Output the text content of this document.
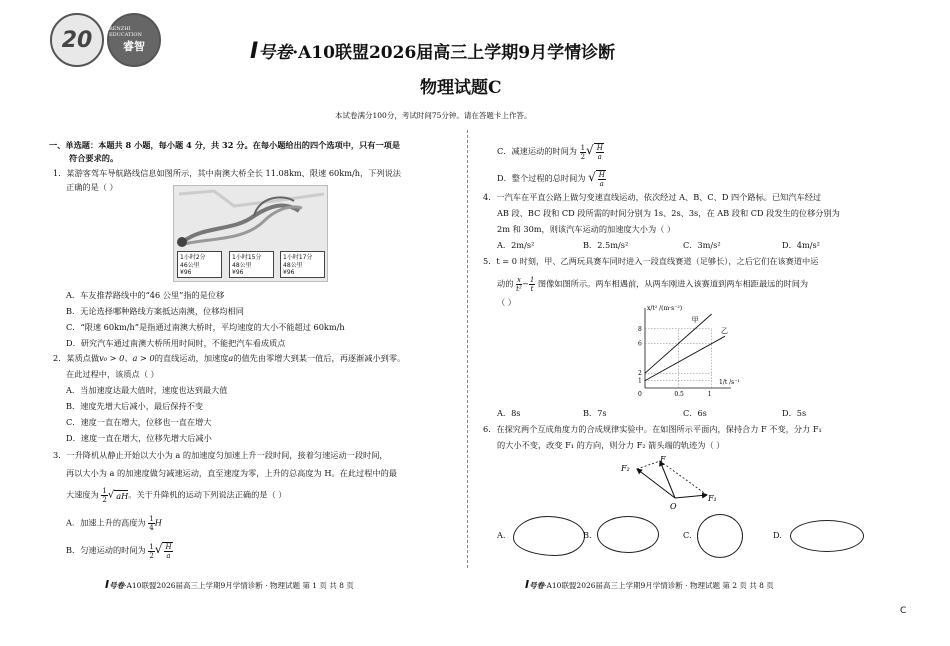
20	RENZHI EDUCATION
睿智	I号卷·A10联盟2026届高三上学期9月学情诊断
物理试题C
本试卷满分100分，考试时间75分钟。请在答题卡上作答。
一、单选题：本题共 8 小题，每小题 4 分，共 32 分。在每小题给出的四个选项中，只有一项是
符合要求的。
1．某游客驾车导航路线信息如图所示，其中南澳大桥全长 11.08km、限速 60km/h，下列说法
正确的是（ ）
1小时2分
46公里
¥96
1小时15分
48公里
¥96
1小时17分
48公里
¥96
A．车友推荐路线中的“46 公里”指的是位移
B．无论选择哪种路线方案抵达南澳，位移均相同
C．“限速 60km/h”是指通过南澳大桥时，平均速度的大小不能超过 60km/h
D．研究汽车通过南澳大桥所用时间时，不能把汽车看成质点
2．某质点做v₀ > 0、a > 0的直线运动，加速度a的值先由零增大到某一值后，再逐渐减小到零。
在此过程中，该质点（ ）
A．当加速度达最大值时，速度也达到最大值
B．速度先增大后减小，最后保持不变
C．速度一直在增大，位移也一直在增大
D．速度一直在增大，位移先增大后减小
3．一升降机从静止开始以大小为 a 的加速度匀加速上升一段时间，接着匀速运动一段时间，
再以大小为 a 的加速度做匀减速运动，直至速度为零，上升的总高度为 H。在此过程中的最
大速度为 $\frac{1}{2}$ √ aH。关于升降机的运动下列说法正确的是（ ）
A．加速上升的高度为 $\frac{1}{4}$ H
B．匀速运动的时间为 $\frac{1}{2}$ √ $\frac{H}{a}$
I号卷·A10联盟2026届高三上学期9月学情诊断 · 物理试题 第 1 页 共 8 页
C．减速运动的时间为 $\frac{1}{2}$ √ $\frac{H}{a}$
D．整个过程的总时间为 √ $\frac{H}{a}$
4．一汽车在平直公路上做匀变速直线运动，依次经过 A、B、C、D 四个路标。已知汽车经过
AB 段、BC 段和 CD 段所需的时间分别为 1s、2s、3s，在 AB 段和 CD 段发生的位移分别为
2m 和 30m，则该汽车运动的加速度大小为（ ）
A．2m/s²	B．2.5m/s²	C．3m/s²	D．4m/s²
5．t = 0 时刻，甲、乙两玩具赛车同时进入一段直线赛道（足够长），之后它们在该赛道中运
动的 $\frac{x}{\text{t²}} - \frac{1}{t}$ 图像如图所示。两车相遇前，从两车刚进入该赛道到两车相距最远的时间为
（ ）
x/t² /(m·s⁻²)
1/t /s⁻¹
1
2
6
8
0	0.5	1
甲
乙
A．8s	B．7s	C．6s	D．5s
6．在探究两个互成角度力的合成规律实验中。在如图所示平面内，保持合力 F 不变，分力 F₁
的大小不变，改变 F₁ 的方向，则分力 F₂ 箭头端的轨迹为（ ）
F
F₁
F₂
O
A.	B.	C.	D.
I号卷·A10联盟2026届高三上学期9月学情诊断 · 物理试题 第 2 页 共 8 页
C
